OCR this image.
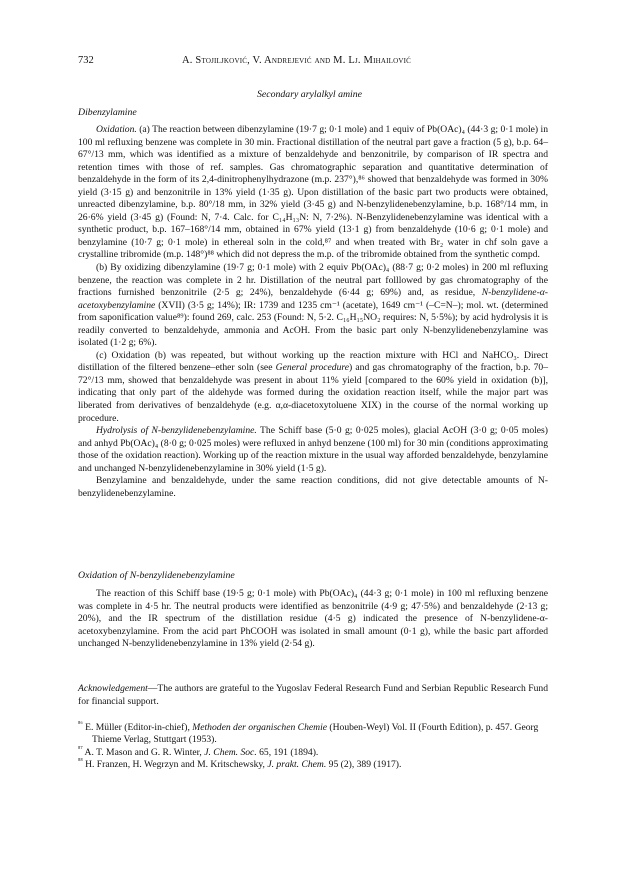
732	A. Stojiljković, V. Andrejević and M. Lj. Mihailović
Secondary arylalkyl amine
Dibenzylamine

Oxidation. (a) The reaction between dibenzylamine (19·7 g; 0·1 mole) and 1 equiv of Pb(OAc)₄ (44·3 g; 0·1 mole) in 100 ml refluxing benzene was complete in 30 min. Fractional distillation of the neutral part gave a fraction (5 g), b.p. 64–67°/13 mm, which was identified as a mixture of benzaldehyde and benzonitrile, by comparison of IR spectra and retention times with those of ref. samples. Gas chromatographic separation and quantitative determination of benzaldehyde in the form of its 2,4-dinitrophenylhydrazone (m.p. 237°),⁸⁶ showed that benzaldehyde was formed in 30% yield (3·15 g) and benzonitrile in 13% yield (1·35 g). Upon distillation of the basic part two products were obtained, unreacted dibenzylamine, b.p. 80°/18 mm, in 32% yield (3·45 g) and N-benzylidenebenzylamine, b.p. 168°/14 mm, in 26·6% yield (3·45 g) (Found: N, 7·4. Calc. for C₁₄H₁₃N: N, 7·2%). N-Benzylidenebenzylamine was identical with a synthetic product, b.p. 167–168°/14 mm, obtained in 67% yield (13·1 g) from benzaldehyde (10·6 g; 0·1 mole) and benzylamine (10·7 g; 0·1 mole) in ethereal soln in the cold,⁸⁷ and when treated with Br₂ water in chf soln gave a crystalline tribromide (m.p. 148°)⁸⁸ which did not depress the m.p. of the tribromide obtained from the synthetic compd.

(b) By oxidizing dibenzylamine (19·7 g; 0·1 mole) with 2 equiv Pb(OAc)₄ (88·7 g; 0·2 moles) in 200 ml refluxing benzene, the reaction was complete in 2 hr. Distillation of the neutral part folllowed by gas chromatography of the fractions furnished benzonitrile (2·5 g; 24%), benzaldehyde (6·44 g; 69%) and, as residue, N-benzylidene-α-acetoxybenzylamine (XVII) (3·5 g; 14%); IR: 1739 and 1235 cm⁻¹ (acetate), 1649 cm⁻¹ (–C=N–); mol. wt. (determined from saponification value⁸⁹): found 269, calc. 253 (Found: N, 5·2. C₁₆H₁₅NO₂ requires: N, 5·5%); by acid hydrolysis it is readily converted to benzaldehyde, ammonia and AcOH. From the basic part only N-benzylidenebenzylamine was isolated (1·2 g; 6%).

(c) Oxidation (b) was repeated, but without working up the reaction mixture with HCl and NaHCO₃. Direct distillation of the filtered benzene–ether soln (see General procedure) and gas chromatography of the fraction, b.p. 70–72°/13 mm, showed that benzaldehyde was present in about 11% yield [compared to the 60% yield in oxidation (b)], indicating that only part of the aldehyde was formed during the oxidation reaction itself, while the major part was liberated from derivatives of benzaldehyde (e.g. α,α-diacetoxytoluene XIX) in the course of the normal working up procedure.

Hydrolysis of N-benzylidenebenzylamine. The Schiff base (5·0 g; 0·025 moles), glacial AcOH (3·0 g; 0·05 moles) and anhyd Pb(OAc)₄ (8·0 g; 0·025 moles) were refluxed in anhyd benzene (100 ml) for 30 min (conditions approximating those of the oxidation reaction). Working up of the reaction mixture in the usual way afforded benzaldehyde, benzylamine and unchanged N-benzylidenebenzylamine in 30% yield (1·5 g).

Benzylamine and benzaldehyde, under the same reaction conditions, did not give detectable amounts of N-benzylidenebenzylamine.

Oxidation of N-benzylidenebenzylamine

The reaction of this Schiff base (19·5 g; 0·1 mole) with Pb(OAc)₄ (44·3 g; 0·1 mole) in 100 ml refluxing benzene was complete in 4·5 hr. The neutral products were identified as benzonitrile (4·9 g; 47·5%) and benzaldehyde (2·13 g; 20%), and the IR spectrum of the distillation residue (4·5 g) indicated the presence of N-benzylidene-α-acetoxybenzylamine. From the acid part PhCOOH was isolated in small amount (0·1 g), while the basic part afforded unchanged N-benzylidenebenzylamine in 13% yield (2·54 g).

Acknowledgement—The authors are grateful to the Yugoslav Federal Research Fund and Serbian Republic Research Fund for financial support.

$^{^{86}}$ E. Müller (Editor-in-chief), Methoden der organischen Chemie (Houben-Weyl) Vol. II (Fourth Edition), p. 457. Georg Thieme Verlag, Stuttgart (1953).

$^{^{87}}$ A. T. Mason and G. R. Winter, J. Chem. Soc. 65, 191 (1894).

$^{^{88}}$ H. Franzen, H. Wegrzyn and M. Kritschewsky, J. prakt. Chem. 95 (2), 389 (1917).
